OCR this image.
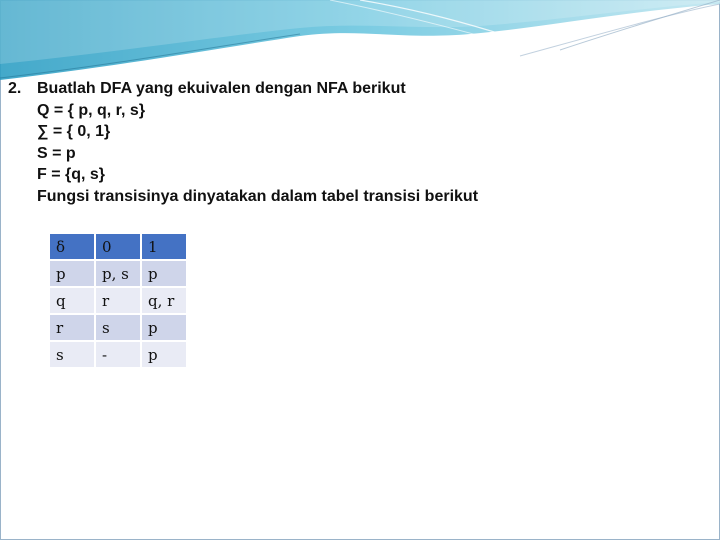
2. Buatlah DFA yang ekuivalen dengan NFA berikut
Q = { p, q, r, s}
∑ = { 0, 1}
S = p
F = {q, s}
Fungsi transisinya dinyatakan dalam tabel transisi berikut
δ	0	1
p	p, s	p
q	r	q, r
r	s	p
s	-	p
